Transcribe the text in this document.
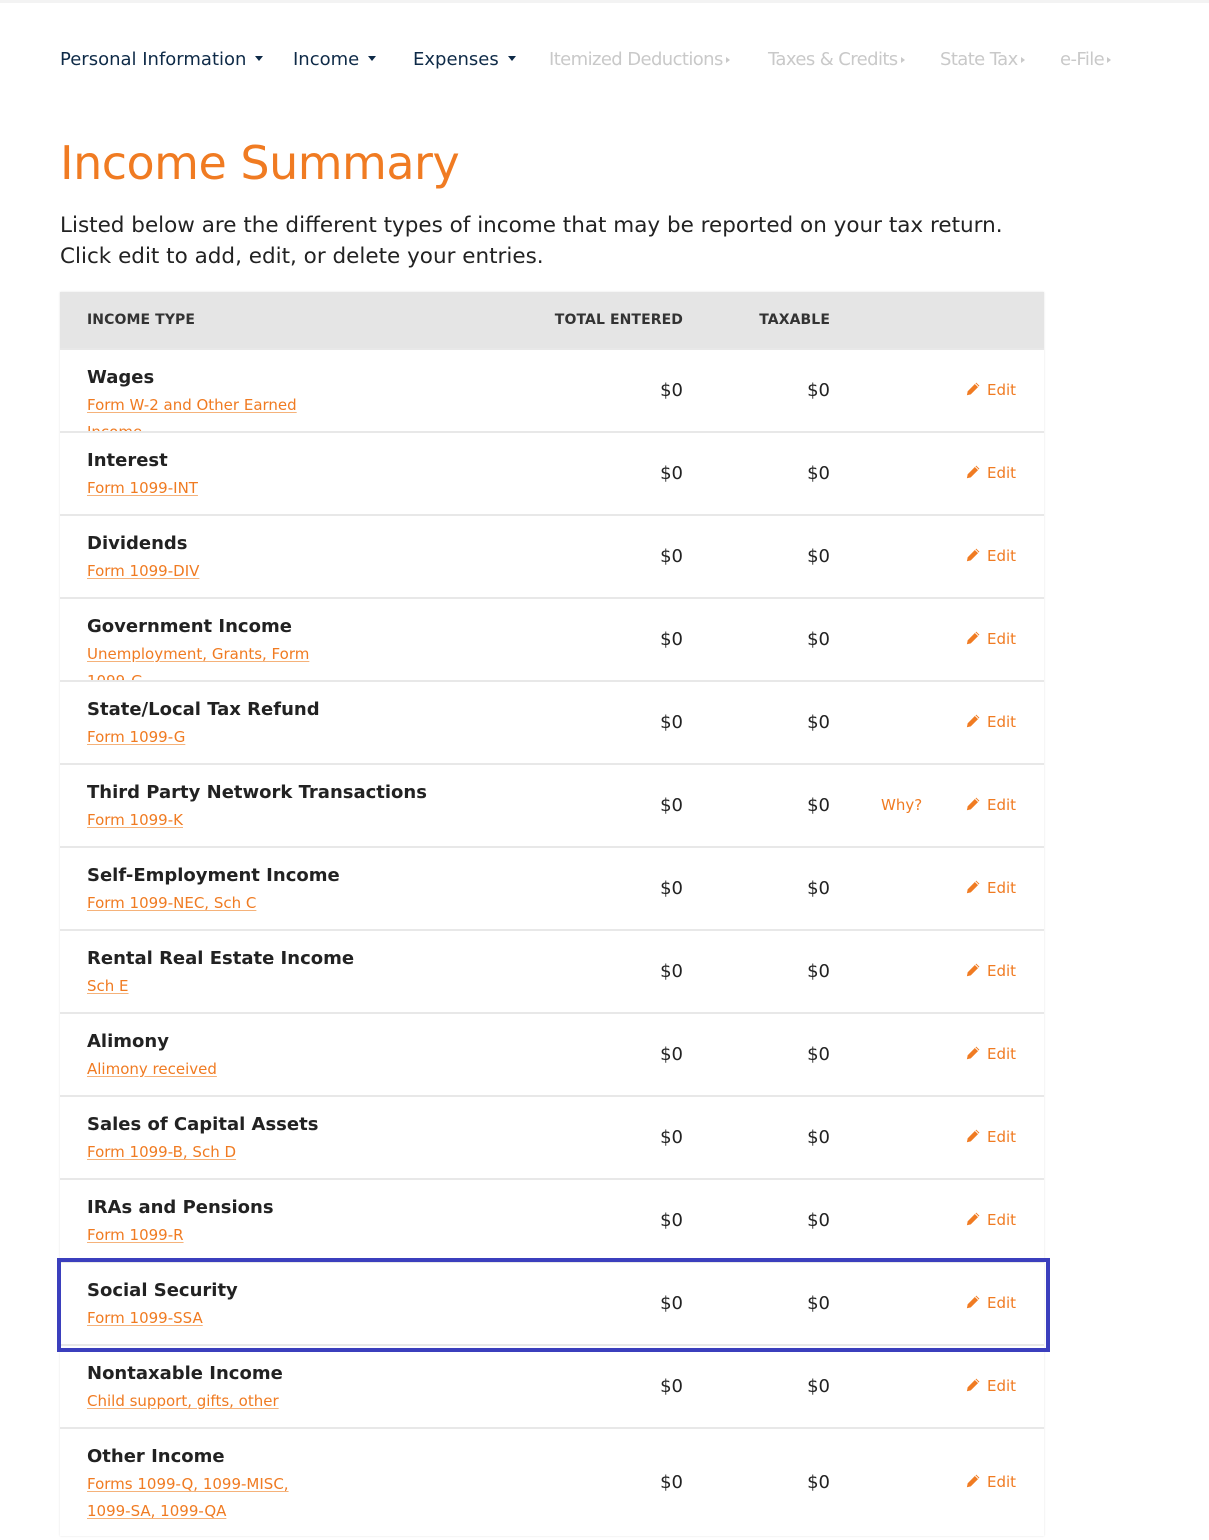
Personal Information	Income	Expenses	Itemized Deductions	Taxes & Credits	State Tax	e-File
Income Summary

Listed below are the different types of income that may be reported on your tax return. Click edit to add, edit, or delete your entries.

INCOME TYPE	TOTAL ENTERED	TAXABLE
Wages
Form W-2 and Other Earned
$0	$0	Edit
Interest
Form 1099-INT
$0	$0	Edit
Dividends
Form 1099-DIV
$0	$0	Edit
Government Income
Unemployment, Grants, Form
$0	$0	Edit
State/Local Tax Refund
Form 1099-G
$0	$0	Edit
Third Party Network Transactions
Form 1099-K
$0	$0	Why?	Edit
Self-Employment Income
Form 1099-NEC, Sch C
$0	$0	Edit
Rental Real Estate Income
Sch E
$0	$0	Edit
Alimony
Alimony received
$0	$0	Edit
Sales of Capital Assets
Form 1099-B, Sch D
$0	$0	Edit
IRAs and Pensions
Form 1099-R
$0	$0	Edit
Social Security
Form 1099-SSA
$0	$0	Edit
Nontaxable Income
Child support, gifts, other
$0	$0	Edit
Other Income
Forms 1099-Q, 1099-MISC, 1099-SA, 1099-QA
$0	$0	Edit
